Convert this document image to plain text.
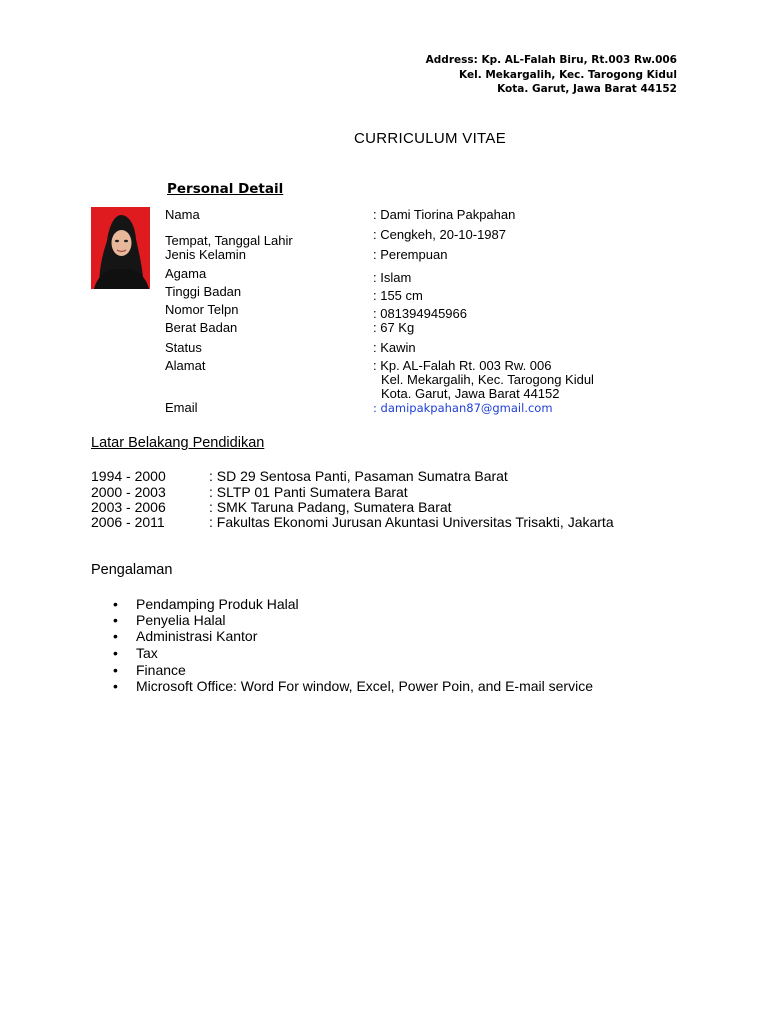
Address: Kp. AL-Falah Biru, Rt.003 Rw.006
Kel. Mekargalih, Kec. Tarogong Kidul
Kota. Garut, Jawa Barat 44152
CURRICULUM VITAE
Personal Detail
Nama	: Dami Tiorina Pakpahan
Tempat, Tanggal Lahir	: Cengkeh, 20-10-1987
Jenis Kelamin	: Perempuan
Agama	: Islam
Tinggi Badan	: 155 cm
Nomor Telpn	: 081394945966
Berat Badan	: 67 Kg
Status	: Kawin
Alamat	: Kp. AL-Falah Rt. 003 Rw. 006
Kel. Mekargalih, Kec. Tarogong Kidul
Kota. Garut, Jawa Barat 44152
Email	: damipakpahan87@gmail.com
Latar Belakang Pendidikan
1994 - 2000	: SD 29 Sentosa Panti, Pasaman Sumatra Barat
2000 - 2003	: SLTP 01 Panti Sumatera Barat
2003 - 2006	: SMK Taruna Padang, Sumatera Barat
2006 - 2011	: Fakultas Ekonomi Jurusan Akuntasi Universitas Trisakti, Jakarta
Pengalaman
• Pendamping Produk Halal
• Penyelia Halal
• Administrasi Kantor
• Tax
• Finance
• Microsoft Office: Word For window, Excel, Power Poin, and E-mail service
